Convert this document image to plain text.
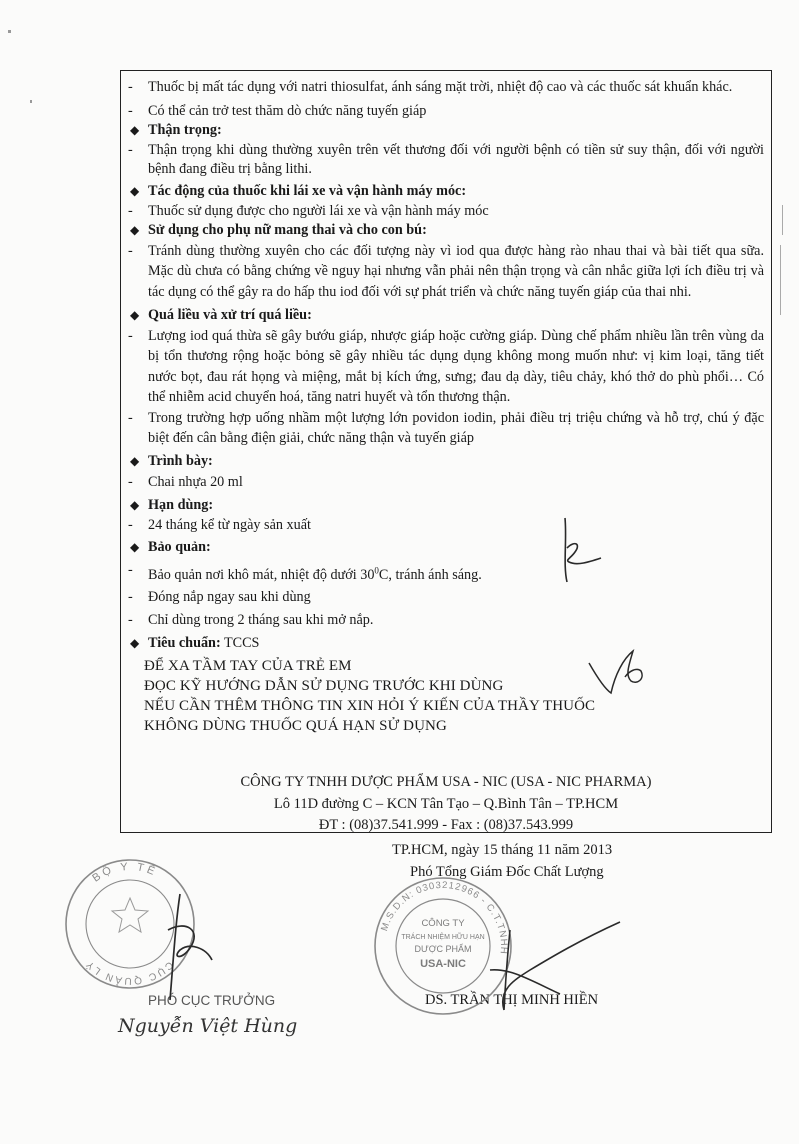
- Thuốc bị mất tác dụng với natri thiosulfat, ánh sáng mặt trời, nhiệt độ cao và các thuốc sát khuẩn khác.
- Có thể cản trở test thăm dò chức năng tuyến giáp
◆ Thận trọng:
- Thận trọng khi dùng thường xuyên trên vết thương đối với người bệnh có tiền sử suy thận, đối với người bệnh đang điều trị bằng lithi.
◆ Tác động của thuốc khi lái xe và vận hành máy móc:
- Thuốc sử dụng được cho người lái xe và vận hành máy móc
◆ Sử dụng cho phụ nữ mang thai và cho con bú:
- Tránh dùng thường xuyên cho các đối tượng này vì iod qua được hàng rào nhau thai và bài tiết qua sữa. Mặc dù chưa có bằng chứng về nguy hại nhưng vẫn phải nên thận trọng và cân nhắc giữa lợi ích điều trị và tác dụng có thể gây ra do hấp thu iod đối với sự phát triển và chức năng tuyến giáp của thai nhi.
◆ Quá liều và xử trí quá liều:
- Lượng iod quá thừa sẽ gây bướu giáp, nhược giáp hoặc cường giáp. Dùng chế phẩm nhiều lần trên vùng da bị tổn thương rộng hoặc bỏng sẽ gây nhiều tác dụng dụng không mong muốn như: vị kim loại, tăng tiết nước bọt, đau rát họng và miệng, mắt bị kích ứng, sưng; đau dạ dày, tiêu chảy, khó thở do phù phổi… Có thể nhiễm acid chuyển hoá, tăng natri huyết và tổn thương thận.
- Trong trường hợp uống nhầm một lượng lớn povidon iodin, phải điều trị triệu chứng và hỗ trợ, chú ý đặc biệt đến cân bằng điện giải, chức năng thận và tuyến giáp
◆ Trình bày:
- Chai nhựa 20 ml
◆ Hạn dùng:
- 24 tháng kể từ ngày sản xuất
◆ Bảo quản:
- Bảo quản nơi khô mát, nhiệt độ dưới $30^0C$, tránh ánh sáng.
- Đóng nắp ngay sau khi dùng
- Chỉ dùng trong 2 tháng sau khi mở nắp.
◆ Tiêu chuẩn: TCCS
ĐỂ XA TẦM TAY CỦA TRẺ EM
ĐỌC KỸ HƯỚNG DẪN SỬ DỤNG TRƯỚC KHI DÙNG
NẾU CẦN THÊM THÔNG TIN XIN HỎI Ý KIẾN CỦA THẦY THUỐC
KHÔNG DÙNG THUỐC QUÁ HẠN SỬ DỤNG
CÔNG TY TNHH DƯỢC PHẨM USA - NIC (USA - NIC PHARMA)
Lô 11D đường C – KCN Tân Tạo – Q.Bình Tân – TP.HCM
ĐT : (08)37.541.999 - Fax : (08)37.543.999
TP.HCM, ngày 15 tháng 11 năm 2013
Phó Tổng Giám Đốc Chất Lượng
DS. TRẦN THỊ MINH HIỀN
PHÓ CỤC TRƯỞNG
Nguyễn Việt Hùng
M.S.D.N: 0303212966 - C.T.TNHH
CÔNG TY
TRÁCH NHIỆM HỮU HẠN
DƯỢC PHẨM
USA-NIC
BỘ Y TẾ
CỤC QUẢN LÝ
